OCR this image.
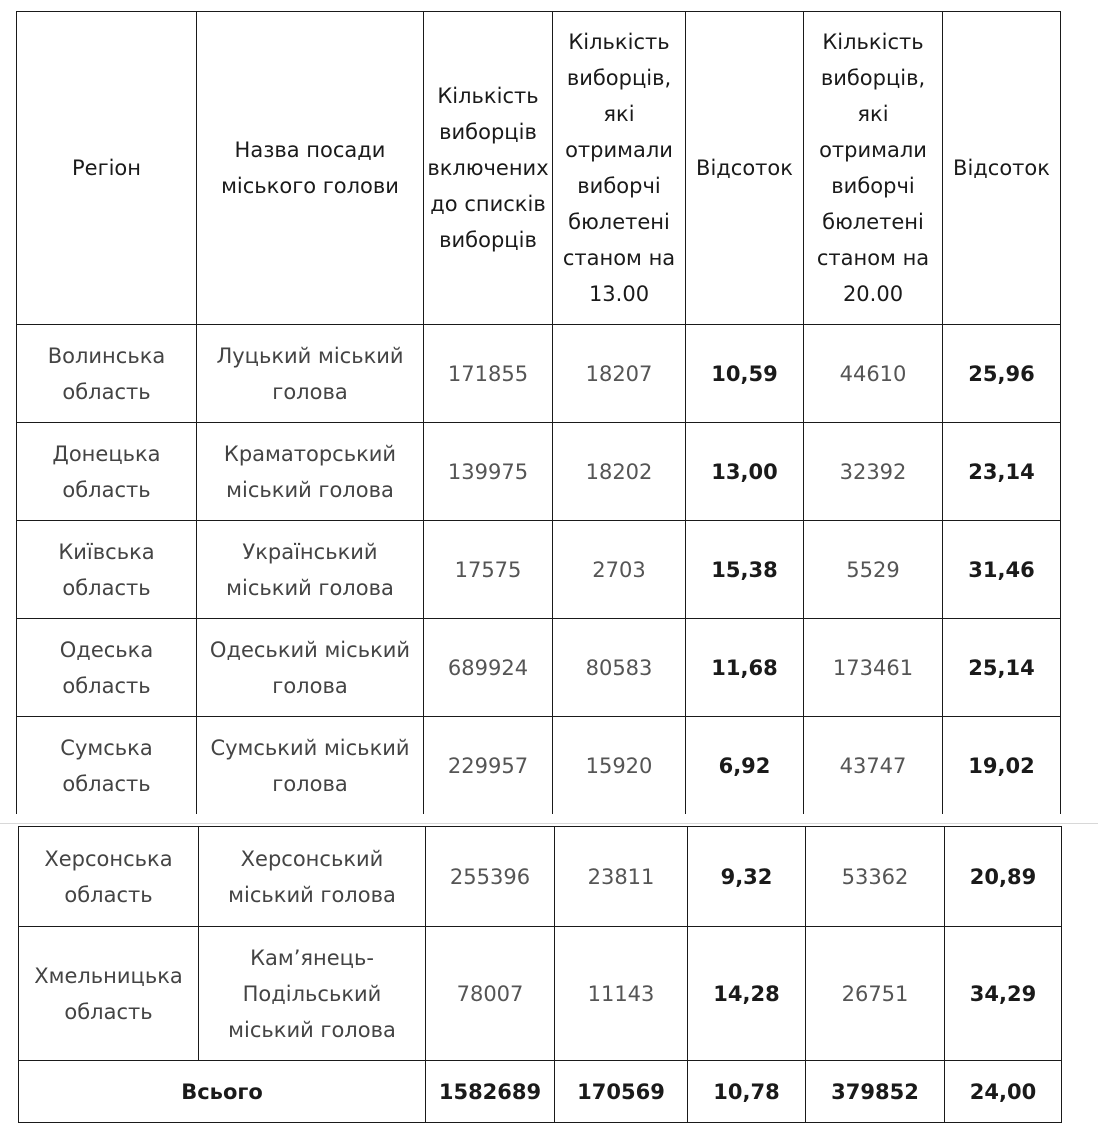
Регіон	Назва посади міського голови	Кількість виборців включених до списків виборців	Кількість виборців, які отримали виборчі бюлетені станом на 13.00	Відсоток	Кількість виборців, які отримали виборчі бюлетені станом на 20.00	Відсоток
Волинська область	Луцький міський голова	171855	18207	10,59	44610	25,96
Донецька область	Краматорський міський голова	139975	18202	13,00	32392	23,14
Київська область	Український міський голова	17575	2703	15,38	5529	31,46
Одеська область	Одеський міський голова	689924	80583	11,68	173461	25,14
Сумська область	Сумський міський голова	229957	15920	6,92	43747	19,02
Херсонська область	Херсонський міський голова	255396	23811	9,32	53362	20,89
Хмельницька область	Кам’янець-Подільський міський голова	78007	11143	14,28	26751	34,29
Всього		1582689	170569	10,78	379852	24,00
